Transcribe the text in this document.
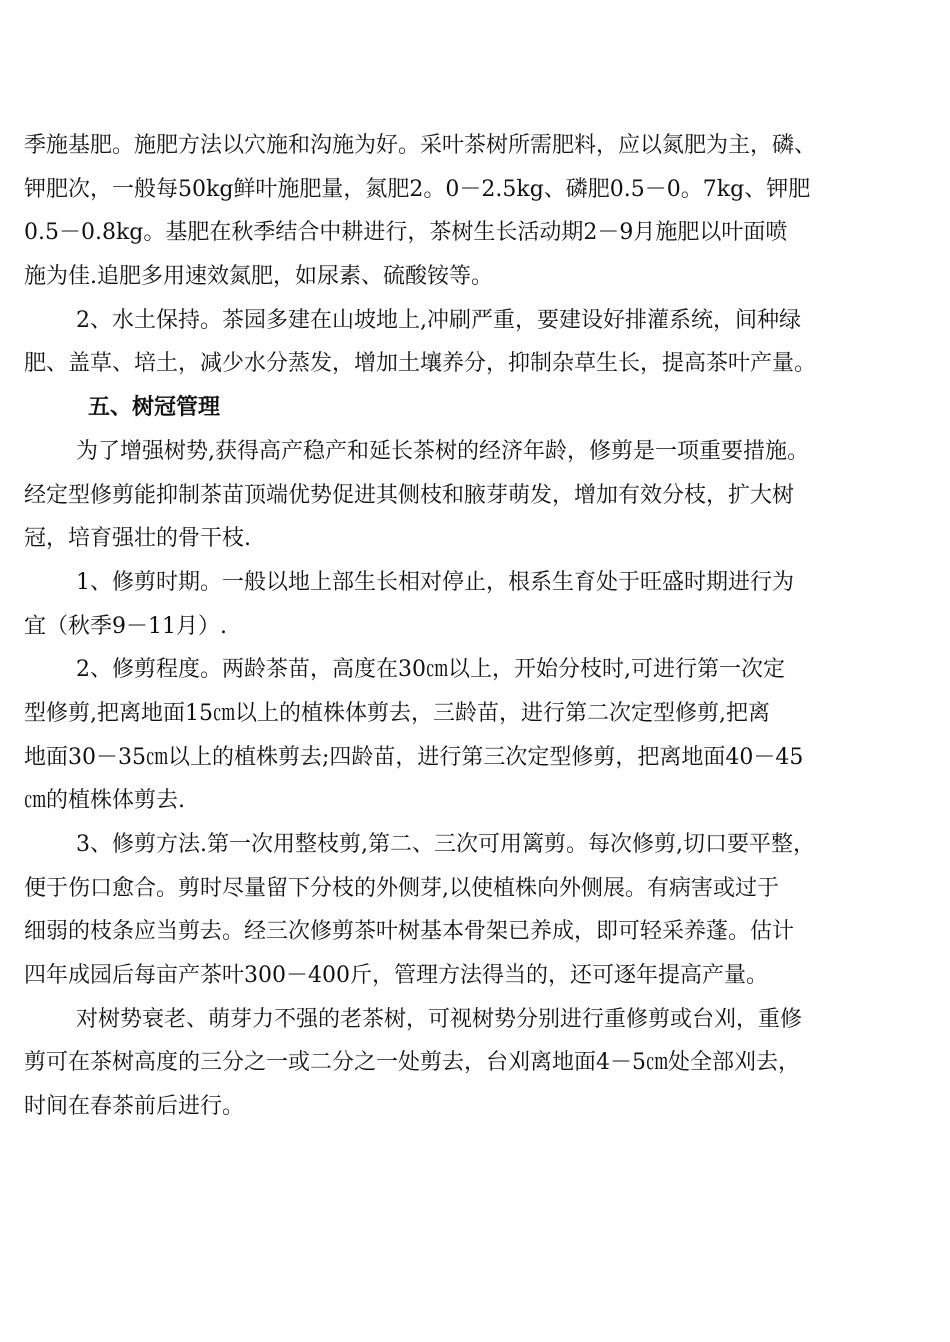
季施基肥。施肥方法以穴施和沟施为好。采叶茶树所需肥料，应以氮肥为主，磷、
钾肥次，一般每50kg鲜叶施肥量，氮肥2。0－2.5kg、磷肥0.5－0。7kg、钾肥
0.5－0.8kg。基肥在秋季结合中耕进行，茶树生长活动期2－9月施肥以叶面喷
施为佳.追肥多用速效氮肥，如尿素、硫酸铵等。
2、水土保持。茶园多建在山坡地上,冲刷严重，要建设好排灌系统，间种绿
肥、盖草、培土，减少水分蒸发，增加土壤养分，抑制杂草生长，提高茶叶产量。
五、树冠管理
为了增强树势,获得高产稳产和延长茶树的经济年龄，修剪是一项重要措施。
经定型修剪能抑制茶苗顶端优势促进其侧枝和腋芽萌发，增加有效分枝，扩大树
冠，培育强壮的骨干枝.
1、修剪时期。一般以地上部生长相对停止，根系生育处于旺盛时期进行为
宜（秋季9－11月）.
2、修剪程度。两龄茶苗，高度在30㎝以上，开始分枝时,可进行第一次定
型修剪,把离地面15㎝以上的植株体剪去，三龄苗，进行第二次定型修剪,把离
地面30－35㎝以上的植株剪去;四龄苗，进行第三次定型修剪，把离地面40－45
㎝的植株体剪去.
3、修剪方法.第一次用整枝剪,第二、三次可用篱剪。每次修剪,切口要平整，
便于伤口愈合。剪时尽量留下分枝的外侧芽,以使植株向外侧展。有病害或过于
细弱的枝条应当剪去。经三次修剪茶叶树基本骨架已养成，即可轻采养蓬。估计
四年成园后每亩产茶叶300－400斤，管理方法得当的，还可逐年提高产量。
对树势衰老、萌芽力不强的老茶树，可视树势分别进行重修剪或台刈，重修
剪可在茶树高度的三分之一或二分之一处剪去，台刈离地面4－5㎝处全部刈去，
时间在春茶前后进行。
